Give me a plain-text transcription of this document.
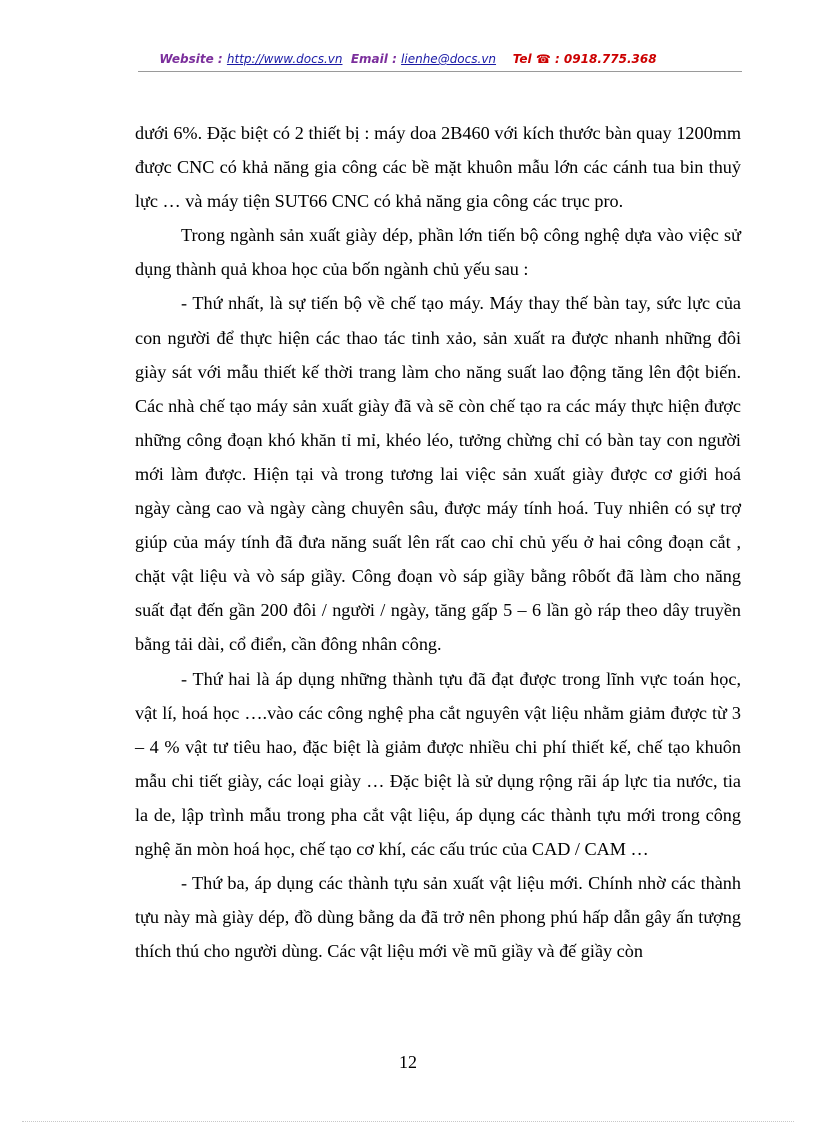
Website : http://www.docs.vn Email : lienhe@docs.vn Tel ☎ : 0918.775.368

dưới 6%. Đặc biệt có 2 thiết bị : máy doa 2B460 với kích thước bàn quay 1200mm được CNC có khả năng gia công các bề mặt khuôn mẫu lớn các cánh tua bin thuỷ lực … và máy tiện SUT66 CNC có khả năng gia công các trục pro.

Trong ngành sản xuất giày dép, phần lớn tiến bộ công nghệ dựa vào việc sử dụng thành quả khoa học của bốn ngành chủ yếu sau :

- Thứ nhất, là sự tiến bộ về chế tạo máy. Máy thay thế bàn tay, sức lực của con người để thực hiện các thao tác tinh xảo, sản xuất ra được nhanh những đôi giày sát với mẫu thiết kế thời trang làm cho năng suất lao động tăng lên đột biến. Các nhà chế tạo máy sản xuất giày đã và sẽ còn chế tạo ra các máy thực hiện được những công đoạn khó khăn tỉ mỉ, khéo léo, tưởng chừng chỉ có bàn tay con người mới làm được. Hiện tại và trong tương lai việc sản xuất giày được cơ giới hoá ngày càng cao và ngày càng chuyên sâu, được máy tính hoá. Tuy nhiên có sự trợ giúp của máy tính đã đưa năng suất lên rất cao chỉ chủ yếu ở hai công đoạn cắt , chặt vật liệu và vò sáp giầy. Công đoạn vò sáp giầy bằng rôbốt đã làm cho năng suất đạt đến gần 200 đôi / người / ngày, tăng gấp 5 – 6 lần gò ráp theo dây truyền bằng tải dài, cổ điển, cần đông nhân công.

- Thứ hai là áp dụng những thành tựu đã đạt được trong lĩnh vực toán học, vật lí, hoá học ….vào các công nghệ pha cắt nguyên vật liệu nhằm giảm được từ 3 – 4 % vật tư tiêu hao, đặc biệt là giảm được nhiều chi phí thiết kế, chế tạo khuôn mẫu chi tiết giày, các loại giày … Đặc biệt là sử dụng rộng rãi áp lực tia nước, tia la de, lập trình mẫu trong pha cắt vật liệu, áp dụng các thành tựu mới trong công nghệ ăn mòn hoá học, chế tạo cơ khí, các cấu trúc của CAD / CAM …

- Thứ ba, áp dụng các thành tựu sản xuất vật liệu mới. Chính nhờ các thành tựu này mà giày dép, đồ dùng bằng da đã trở nên phong phú hấp dẫn gây ấn tượng thích thú cho người dùng. Các vật liệu mới về mũ giầy và đế giầy còn

12
